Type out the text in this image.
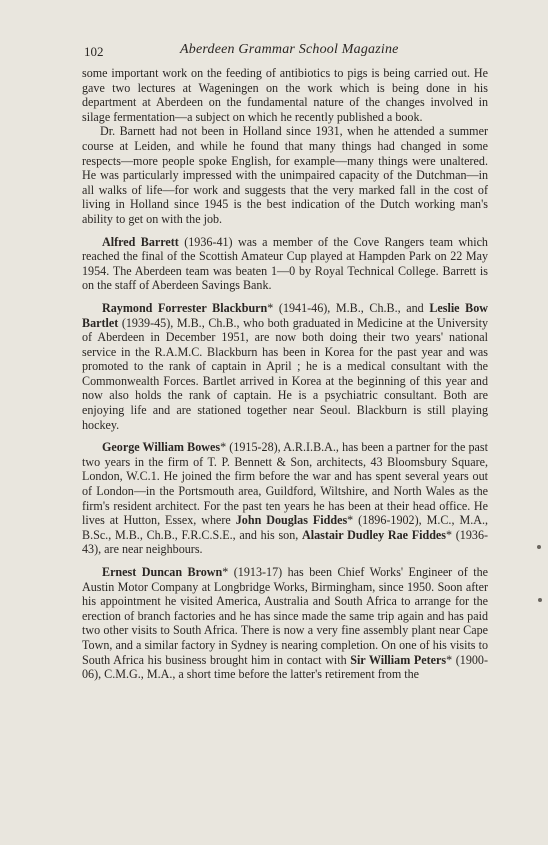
102	Aberdeen Grammar School Magazine

some important work on the feeding of antibiotics to pigs is being carried out. He gave two lectures at Wageningen on the work which is being done in his department at Aberdeen on the fundamental nature of the changes involved in silage fermentation—a subject on which he recently published a book.

Dr. Barnett had not been in Holland since 1931, when he attended a summer course at Leiden, and while he found that many things had changed in some respects—more people spoke English, for example—many things were unaltered. He was particularly impressed with the unimpaired capacity of the Dutchman—in all walks of life—for work and suggests that the very marked fall in the cost of living in Holland since 1945 is the best indication of the Dutch working man's ability to get on with the job.

Alfred Barrett (1936-41) was a member of the Cove Rangers team which reached the final of the Scottish Amateur Cup played at Hampden Park on 22 May 1954. The Aberdeen team was beaten 1—0 by Royal Technical College. Barrett is on the staff of Aberdeen Savings Bank.

Raymond Forrester Blackburn* (1941-46), M.B., Ch.B., and Leslie Bow Bartlet (1939-45), M.B., Ch.B., who both graduated in Medicine at the University of Aberdeen in December 1951, are now both doing their two years' national service in the R.A.M.C. Blackburn has been in Korea for the past year and was promoted to the rank of captain in April ; he is a medical consultant with the Commonwealth Forces. Bartlet arrived in Korea at the beginning of this year and now also holds the rank of captain. He is a psychiatric consultant. Both are enjoying life and are stationed together near Seoul. Blackburn is still playing hockey.

George William Bowes* (1915-28), A.R.I.B.A., has been a partner for the past two years in the firm of T. P. Bennett & Son, architects, 43 Bloomsbury Square, London, W.C.1. He joined the firm before the war and has spent several years out of London—in the Portsmouth area, Guildford, Wiltshire, and North Wales as the firm's resident architect. For the past ten years he has been at their head office. He lives at Hutton, Essex, where John Douglas Fiddes* (1896-1902), M.C., M.A., B.Sc., M.B., Ch.B., F.R.C.S.E., and his son, Alastair Dudley Rae Fiddes* (1936-43), are near neighbours.

Ernest Duncan Brown* (1913-17) has been Chief Works' Engineer of the Austin Motor Company at Longbridge Works, Birmingham, since 1950. Soon after his appointment he visited America, Australia and South Africa to arrange for the erection of branch factories and he has since made the same trip again and has paid two other visits to South Africa. There is now a very fine assembly plant near Cape Town, and a similar factory in Sydney is nearing completion. On one of his visits to South Africa his business brought him in contact with Sir William Peters* (1900-06), C.M.G., M.A., a short time before the latter's retirement from the
